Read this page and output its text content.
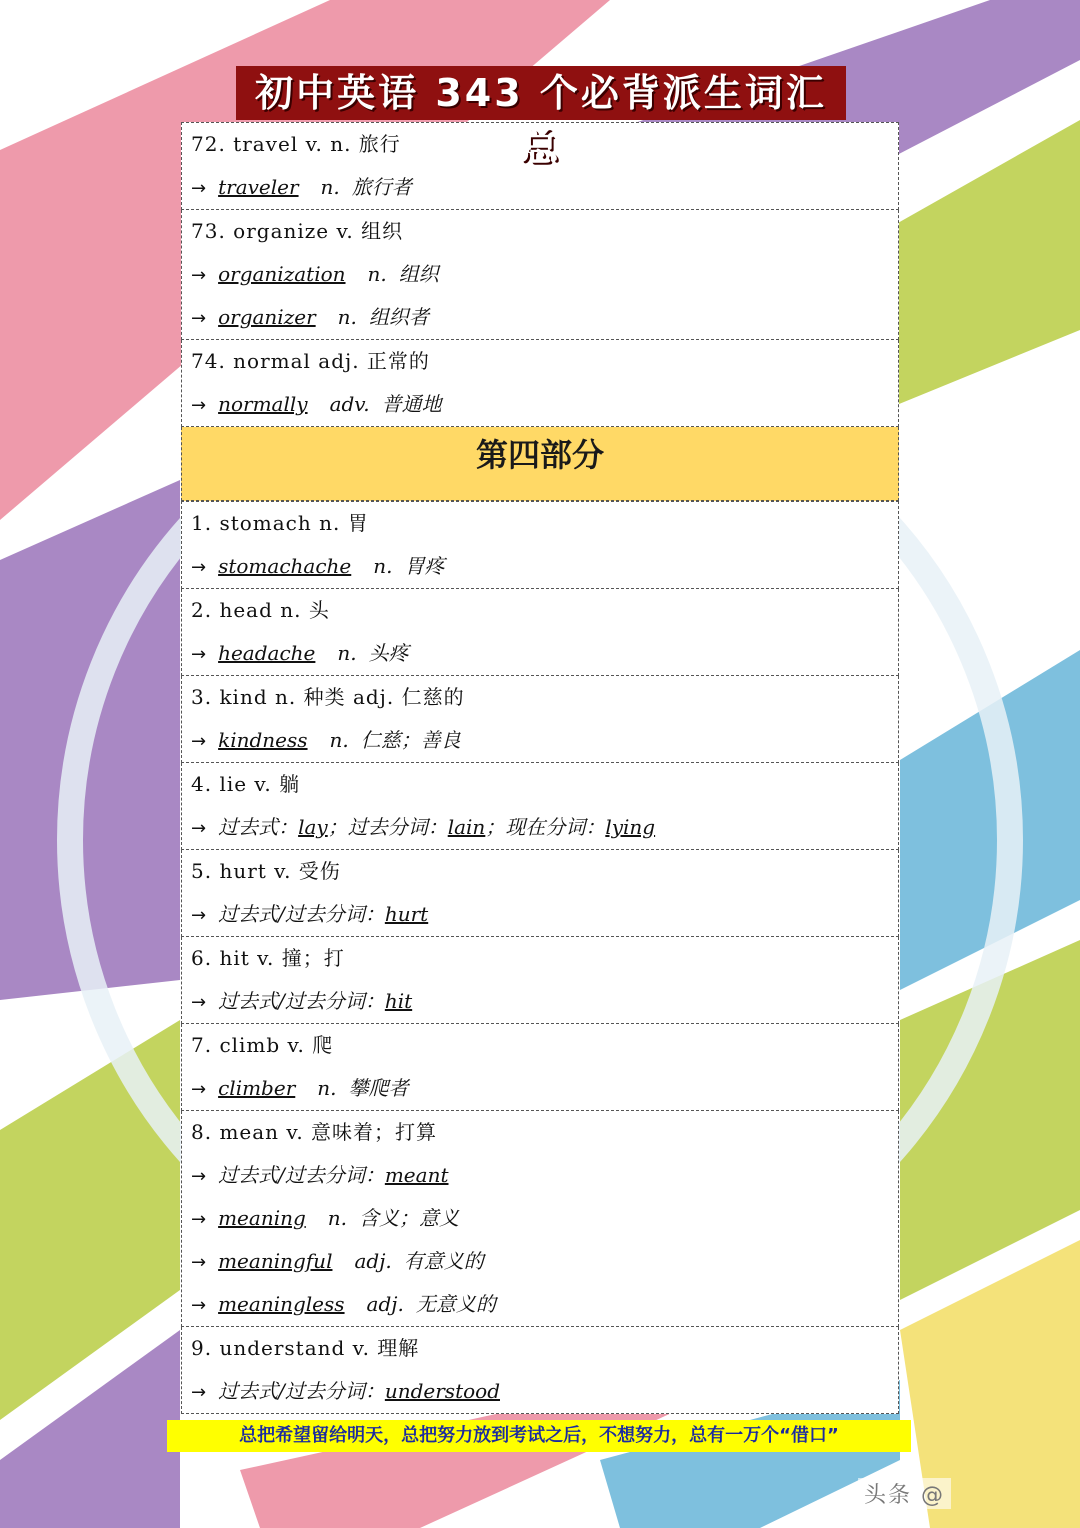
初中英语 343 个必背派生词汇总
72. travel v. n. 旅行
→ traveler n. 旅行者
73. organize v. 组织
→ organization n. 组织
→ organizer n. 组织者
74. normal adj. 正常的
→ normally adv. 普通地
第四部分
1. stomach n. 胃
→ stomachache n. 胃疼
2. head n. 头
→ headache n. 头疼
3. kind n. 种类 adj. 仁慈的
→ kindness n. 仁慈；善良
4. lie v. 躺
→ 过去式：lay；过去分词：lain；现在分词：lying
5. hurt v. 受伤
→ 过去式/过去分词：hurt
6. hit v. 撞；打
→ 过去式/过去分词：hit
7. climb v. 爬
→ climber n. 攀爬者
8. mean v. 意味着；打算
→ 过去式/过去分词：meant
→ meaning n. 含义；意义
→ meaningful adj. 有意义的
→ meaningless adj. 无意义的
9. understand v. 理解
→ 过去式/过去分词：understood
总把希望留给明天，总把努力放到考试之后，不想努力，总有一万个“借口”
头条 @
